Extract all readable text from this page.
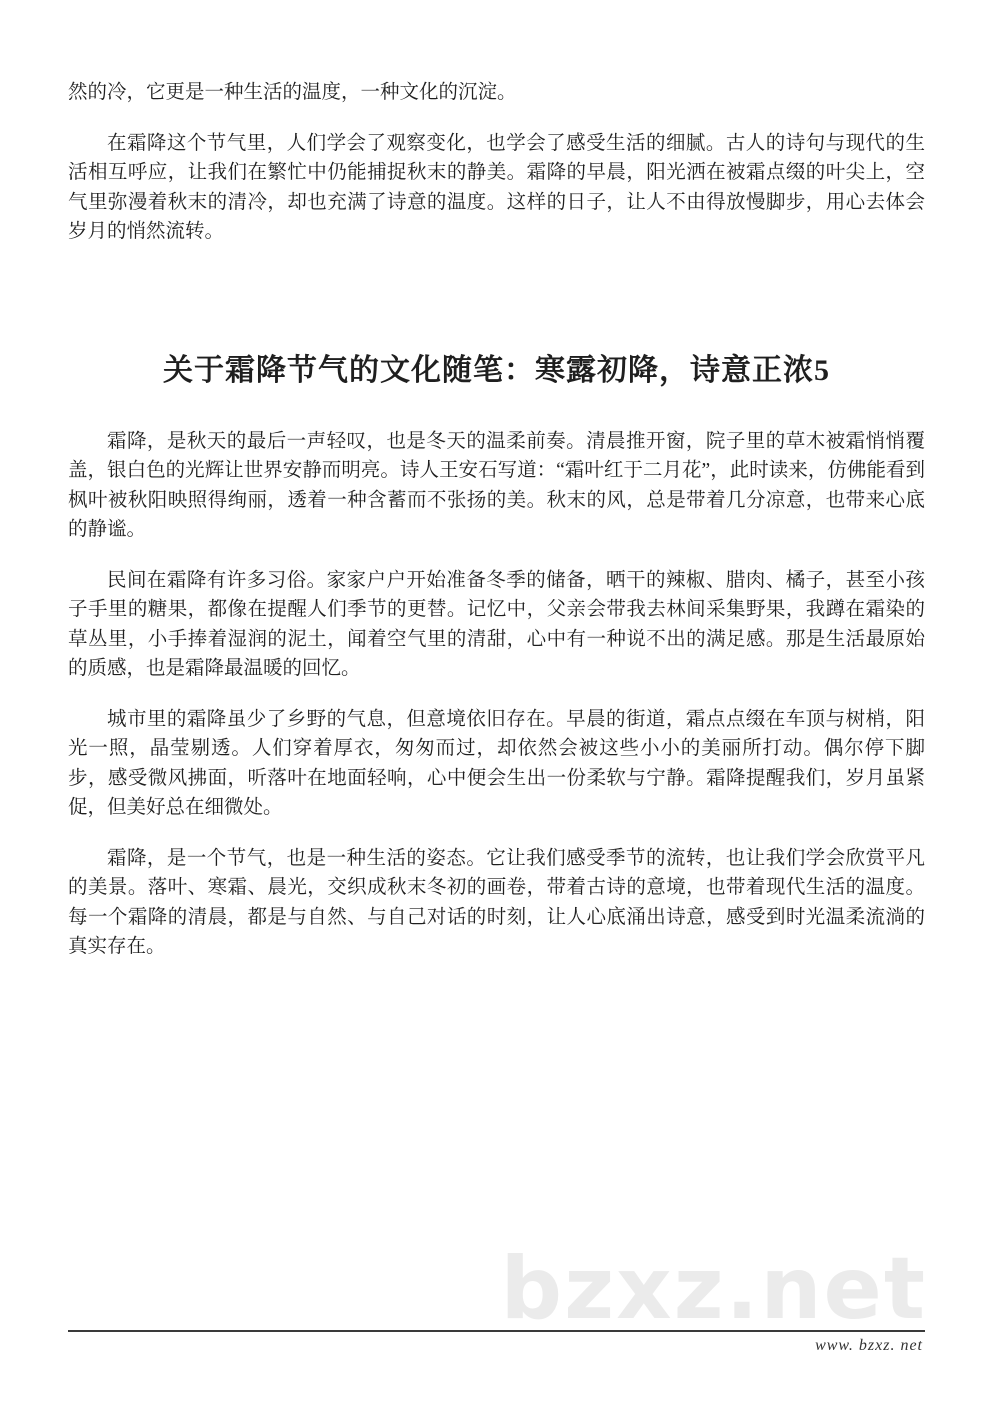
然的冷，它更是一种生活的温度，一种文化的沉淀。

在霜降这个节气里，人们学会了观察变化，也学会了感受生活的细腻。古人的诗句与现代的生活相互呼应，让我们在繁忙中仍能捕捉秋末的静美。霜降的早晨，阳光洒在被霜点缀的叶尖上，空气里弥漫着秋末的清冷，却也充满了诗意的温度。这样的日子，让人不由得放慢脚步，用心去体会岁月的悄然流转。

关于霜降节气的文化随笔：寒露初降，诗意正浓5

霜降，是秋天的最后一声轻叹，也是冬天的温柔前奏。清晨推开窗，院子里的草木被霜悄悄覆盖，银白色的光辉让世界安静而明亮。诗人王安石写道：“霜叶红于二月花”，此时读来，仿佛能看到枫叶被秋阳映照得绚丽，透着一种含蓄而不张扬的美。秋末的风，总是带着几分凉意，也带来心底的静谧。

民间在霜降有许多习俗。家家户户开始准备冬季的储备，晒干的辣椒、腊肉、橘子，甚至小孩子手里的糖果，都像在提醒人们季节的更替。记忆中，父亲会带我去林间采集野果，我蹲在霜染的草丛里，小手捧着湿润的泥土，闻着空气里的清甜，心中有一种说不出的满足感。那是生活最原始的质感，也是霜降最温暖的回忆。

城市里的霜降虽少了乡野的气息，但意境依旧存在。早晨的街道，霜点点缀在车顶与树梢，阳光一照，晶莹剔透。人们穿着厚衣，匆匆而过，却依然会被这些小小的美丽所打动。偶尔停下脚步，感受微风拂面，听落叶在地面轻响，心中便会生出一份柔软与宁静。霜降提醒我们，岁月虽紧促，但美好总在细微处。

霜降，是一个节气，也是一种生活的姿态。它让我们感受季节的流转，也让我们学会欣赏平凡的美景。落叶、寒霜、晨光，交织成秋末冬初的画卷，带着古诗的意境，也带着现代生活的温度。每一个霜降的清晨，都是与自然、与自己对话的时刻，让人心底涌出诗意，感受到时光温柔流淌的真实存在。

bzxz.net
www. bzxz. net
